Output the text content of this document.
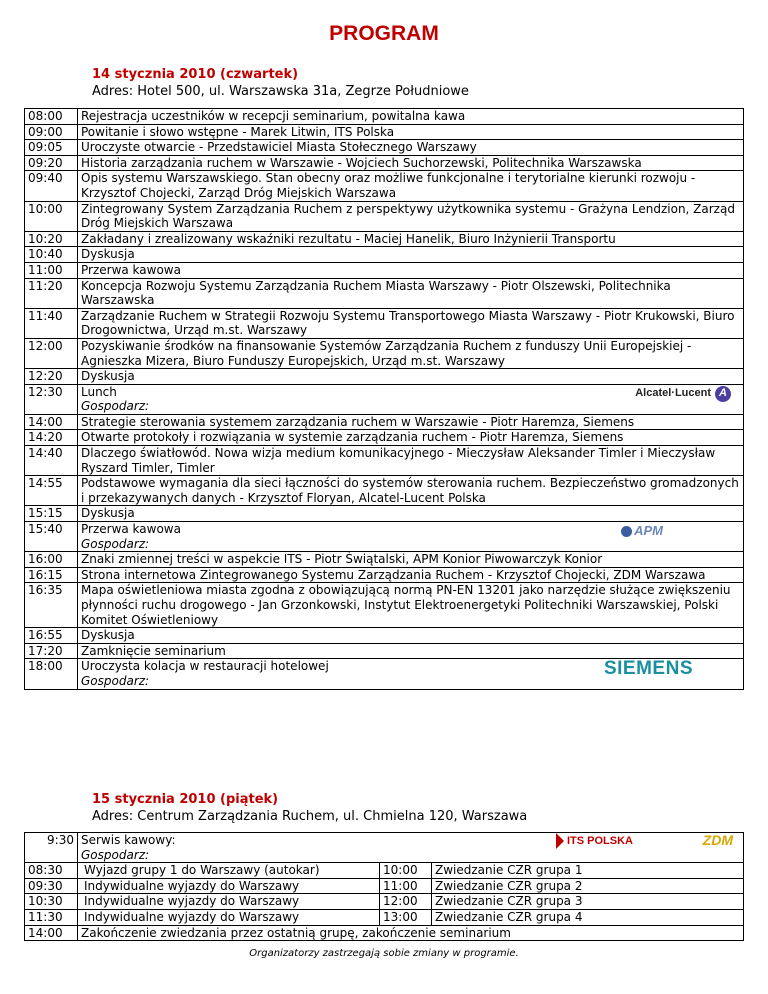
PROGRAM
14 stycznia 2010 (czwartek)
Adres: Hotel 500, ul. Warszawska 31a, Zegrze Południowe
08:00	Rejestracja uczestników w recepcji seminarium, powitalna kawa
09:00	Powitanie i słowo wstępne - Marek Litwin, ITS Polska
09:05	Uroczyste otwarcie - Przedstawiciel Miasta Stołecznego Warszawy
09:20	Historia zarządzania ruchem w Warszawie - Wojciech Suchorzewski, Politechnika Warszawska
09:40	Opis systemu Warszawskiego. Stan obecny oraz możliwe funkcjonalne i terytorialne kierunki rozwoju - Krzysztof Chojecki, Zarząd Dróg Miejskich Warszawa
10:00	Zintegrowany System Zarządzania Ruchem z perspektywy użytkownika systemu - Grażyna Lendzion, Zarząd Dróg Miejskich Warszawa
10:20	Zakładany i zrealizowany wskaźniki rezultatu - Maciej Hanelik, Biuro Inżynierii Transportu
10:40	Dyskusja
11:00	Przerwa kawowa
11:20	Koncepcja Rozwoju Systemu Zarządzania Ruchem Miasta Warszawy - Piotr Olszewski, Politechnika Warszawska
11:40	Zarządzanie Ruchem w Strategii Rozwoju Systemu Transportowego Miasta Warszawy - Piotr Krukowski, Biuro Drogownictwa, Urząd m.st. Warszawy
12:00	Pozyskiwanie środków na finansowanie Systemów Zarządzania Ruchem z funduszy Unii Europejskiej - Agnieszka Mizera, Biuro Funduszy Europejskich, Urząd m.st. Warszawy
12:20	Dyskusja
12:30	Lunch
Gospodarz:
Alcatel·Lucent A

14:00	Strategie sterowania systemem zarządzania ruchem w Warszawie - Piotr Haremza, Siemens
14:20	Otwarte protokoły i rozwiązania w systemie zarządzania ruchem - Piotr Haremza, Siemens
14:40	Dlaczego światłowód. Nowa wizja medium komunikacyjnego - Mieczysław Aleksander Timler i Mieczysław Ryszard Timler, Timler
14:55	Podstawowe wymagania dla sieci łączności do systemów sterowania ruchem. Bezpieczeństwo gromadzonych i przekazywanych danych - Krzysztof Floryan, Alcatel-Lucent Polska
15:15	Dyskusja
15:40	Przerwa kawowa
Gospodarz:
APM

16:00	Znaki zmiennej treści w aspekcie ITS - Piotr Świątalski, APM Konior Piwowarczyk Konior
16:15	Strona internetowa Zintegrowanego Systemu Zarządzania Ruchem - Krzysztof Chojecki, ZDM Warszawa
16:35	Mapa oświetleniowa miasta zgodna z obowiązującą normą PN-EN 13201 jako narzędzie służące zwiększeniu płynności ruchu drogowego - Jan Grzonkowski, Instytut Elektroenergetyki Politechniki Warszawskiej, Polski Komitet Oświetleniowy
16:55	Dyskusja
17:20	Zamknięcie seminarium
18:00	Uroczysta kolacja w restauracji hotelowej
Gospodarz:
SIEMENS
15 stycznia 2010 (piątek)
Adres: Centrum Zarządzania Ruchem, ul. Chmielna 120, Warszawa
9:30	Serwis kawowy:
Gospodarz:
ITS POLSKA	ZDM

08:30	Wyjazd grupy 1 do Warszawy (autokar)	10:00	Zwiedzanie CZR grupa 1

09:30	Indywidualne wyjazdy do Warszawy	11:00	Zwiedzanie CZR grupa 2

10:30	Indywidualne wyjazdy do Warszawy	12:00	Zwiedzanie CZR grupa 3

11:30	Indywidualne wyjazdy do Warszawy	13:00	Zwiedzanie CZR grupa 4

14:00	Zakończenie zwiedzania przez ostatnią grupę, zakończenie seminarium
Organizatorzy zastrzegają sobie zmiany w programie.
